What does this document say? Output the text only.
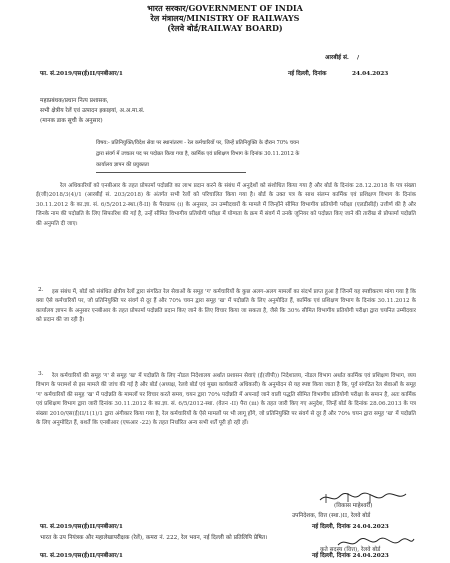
भारत सरकार/GOVERNMENT OF INDIA
रेल मंत्रालय/MINISTRY OF RAILWAYS
(रेलवे बोर्ड/RAILWAY BOARD)
आरबीई सं. /
फा. सं.2019/एस(ई)II/एनबीआर/1	नई दिल्ली, दिनांक	24.04.2023
महाप्रबंधक/प्रधान नित्य प्रशासक,
सभी क्षेत्रीय रेलें एवं उत्पादन इकाइयां, अ.अ.मा.सं.
(मानक डाक सूची के अनुसार)
विषय:- प्रतिनियुक्ति/विदेश सेवा पर स्थानांतरण - रेल कर्मचारियों पर, जिन्हें प्रतिनियुक्ति के दौरान 70% चयन
द्वारा संवर्ग में उच्चतर पद पर पदोन्नत किया गया है, कार्मिक एवं प्रशिक्षण विभाग के दिनांक 30.11.2012 के
कार्यालय ज्ञापन की प्रयुक्तता
रेल अधिकारियों को एनबीआर के तहत प्रोफार्मा पदोन्नति का लाभ प्रदान करने के संबंध में अनुदेशों को संशोधित किया गया है और बोर्ड के दिनांक 28.12.2018 के पत्र संख्या ई(जी)2018/3(4)/1 (आरबीई सं. 203/2018) के अंतर्गत सभी रेलों को परिचालित किया गया है। बोर्ड के उक्त पत्र के साथ संलग्न कार्मिक एवं प्रशिक्षण विभाग के दिनांक 30.11.2012 के का.ज्ञा. सं. 6/5/2012-स्था.(वे-II) के पैराग्राफ (i) के अनुसार, उन उम्मीदवारों के मामले में जिन्होंने सीमित विभागीय प्रतियोगी परीक्षा (एलडीसीई) उत्तीर्ण की है और जिनके नाम की पदोन्नति के लिए सिफारिश की गई है, उन्हें सीमित विभागीय प्रतियोगी परीक्षा में योग्यता के क्रम में संवर्ग में उनके जूनियर को पदोन्नत किए जाने की तारीख से प्रोफार्मा पदोन्नति की अनुमति दी जाए।
2.	इस संबंध में, बोर्ड को संबंधित क्षेत्रीय रेलों द्वारा संगठित रेल सेवाओं के समूह 'ग' कर्मचारियों के कुछ अलग-अलग मामलों का संदर्भ प्राप्त हुआ है जिनमें यह स्पष्टीकरण मांगा गया है कि क्या ऐसे कर्मचारियों पर, जो प्रतिनियुक्ति पर संवर्ग से दूर हैं और 70% चयन द्वारा समूह 'ख' में पदोन्नति के लिए अनुमोदित हैं, कार्मिक एवं प्रशिक्षण विभाग के दिनांक 30.11.2012 के कार्यालय ज्ञापन के अनुसार एनबीआर के तहत प्रोफार्मा पदोन्नति प्रदान किए जाने के लिए विचार किया जा सकता है, जैसे कि 30% सीमित विभागीय प्रतियोगी परीक्षा द्वारा चयनित उम्मीदवार को प्रदान की जा रही है।
3.	रेल कर्मचारियों की समूह 'ग' से समूह 'ख' में पदोन्नति के लिए नोडल निदेशालय अर्थात प्रशासन सेवाएं (ई(जीपी)) निदेशालय, नोडल विभाग अर्थात कार्मिक एवं प्रशिक्षण विभाग, व्यय विभाग के परामर्श से इस मामले की जांच की गई है और बोर्ड (अध्यक्ष, रेलवे बोर्ड एवं मुख्य कार्यकारी अधिकारी) के अनुमोदन से यह स्पष्ट किया जाता है कि, पूर्व संगठित रेल सेवाओं के समूह 'ग' कर्मचारियों की समूह 'ख' में पदोन्नति के मामलों पर विचार करते समय, चयन द्वारा 70% पदोन्नति में अपनाई जाने वाली पद्धति सीमित विभागीय प्रतियोगी परीक्षा के समान है, अतः कार्मिक एवं प्रशिक्षण विभाग द्वारा जारी दिनांक 30.11.2012 के का.ज्ञा. सं. 6/5/2012-स्था. (वेतन -II) पैरा (iii) के तहत जारी किए गए अनुदेश, जिन्हें बोर्ड के दिनांक 28.06.2013 के पत्र संख्या 2010/एस(ई)II/1(1)/1 द्वारा अंगीकार किया गया है, रेल कर्मचारियों के ऐसे मामलों पर भी लागू होंगे, जो प्रतिनियुक्ति पर संवर्ग से दूर हैं और 70% चयन द्वारा समूह 'ख' में पदोन्नति के लिए अनुमोदित हैं, बशर्ते कि एनबीआर (एफआर -22) के तहत निर्धारित अन्य सभी शर्तें पूरी हो रही हों।
(विकास माहेश्वरी)
उपनिदेशक, वित्त (स्था.)II, रेलवे बोर्ड
फा. सं.2019/एस(ई)II/एनबीआर/1	नई दिल्ली, दिनांक 24.04.2023
भारत के उप नियंत्रक और महालेखापरीक्षक (रेलें), कमरा नं. 222, रेल भवन, नई दिल्ली को प्रतिलिपि प्रेषित।
कृते सदस्य (वित्त), रेलवे बोर्ड
फा. सं.2019/एस(ई)II/एनबीआर/1	नई दिल्ली, दिनांक 24.04.2023
